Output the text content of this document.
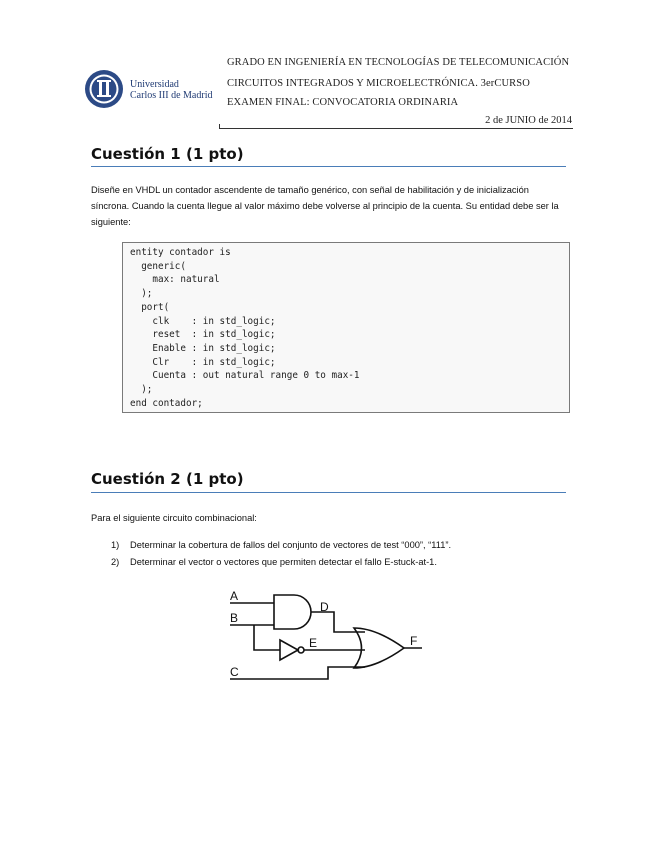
Universidad
Carlos III de Madrid
GRADO EN INGENIERÍA EN TECNOLOGÍAS DE TELECOMUNICACIÓN
CIRCUITOS INTEGRADOS Y MICROELECTRÓNICA. 3erCURSO
EXAMEN FINAL: CONVOCATORIA ORDINARIA
2 de JUNIO de 2014
Cuestión 1 (1 pto)
Diseñe en VHDL un contador ascendente de tamaño genérico, con señal de habilitación y de inicialización síncrona. Cuando la cuenta llegue al valor máximo debe volverse al principio de la cuenta. Su entidad debe ser la siguiente:
entity contador is
generic(
max: natural
);
port(
clk    : in std_logic;
reset  : in std_logic;
Enable : in std_logic;
Clr    : in std_logic;
Cuenta : out natural range 0 to max-1
);
end contador;
Cuestión 2 (1 pto)
Para el siguiente circuito combinacional:
1) Determinar la cobertura de fallos del conjunto de vectores de test “000”, “111”.
2) Determinar el vector o vectores que permiten detectar el fallo E-stuck-at-1.
A
B
C
D
E	F
